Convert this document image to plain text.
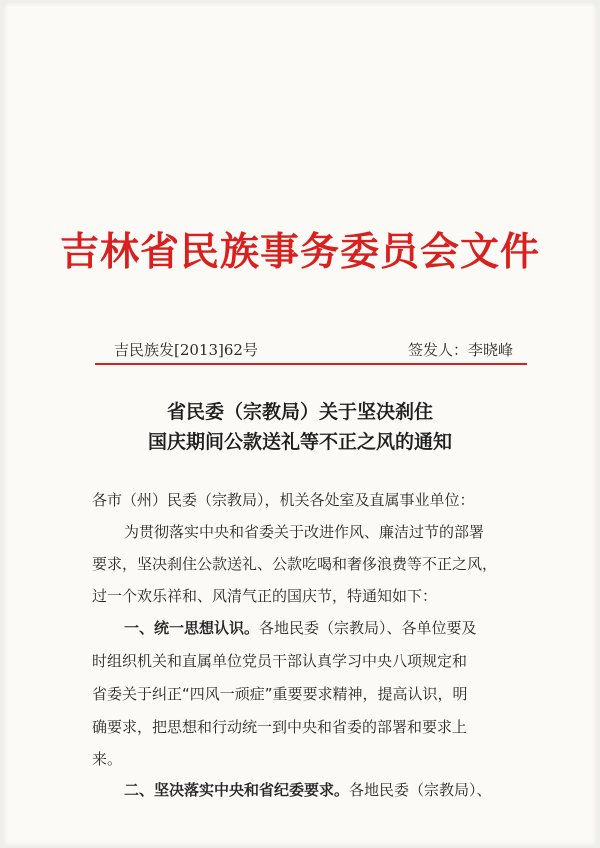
吉林省民族事务委员会文件
吉民族发[2013]62号	签发人：李晓峰
省民委（宗教局）关于坚决刹住
国庆期间公款送礼等不正之风的通知
各市（州）民委（宗教局），机关各处室及直属事业单位：
为贯彻落实中央和省委关于改进作风、廉洁过节的部署
要求，坚决刹住公款送礼、公款吃喝和奢侈浪费等不正之风，
过一个欢乐祥和、风清气正的国庆节，特通知如下：
一、统一思想认识。各地民委（宗教局）、各单位要及
时组织机关和直属单位党员干部认真学习中央八项规定和
省委关于纠正“四风一顽症”重要要求精神，提高认识，明
确要求，把思想和行动统一到中央和省委的部署和要求上
来。
二、坚决落实中央和省纪委要求。各地民委（宗教局）、
